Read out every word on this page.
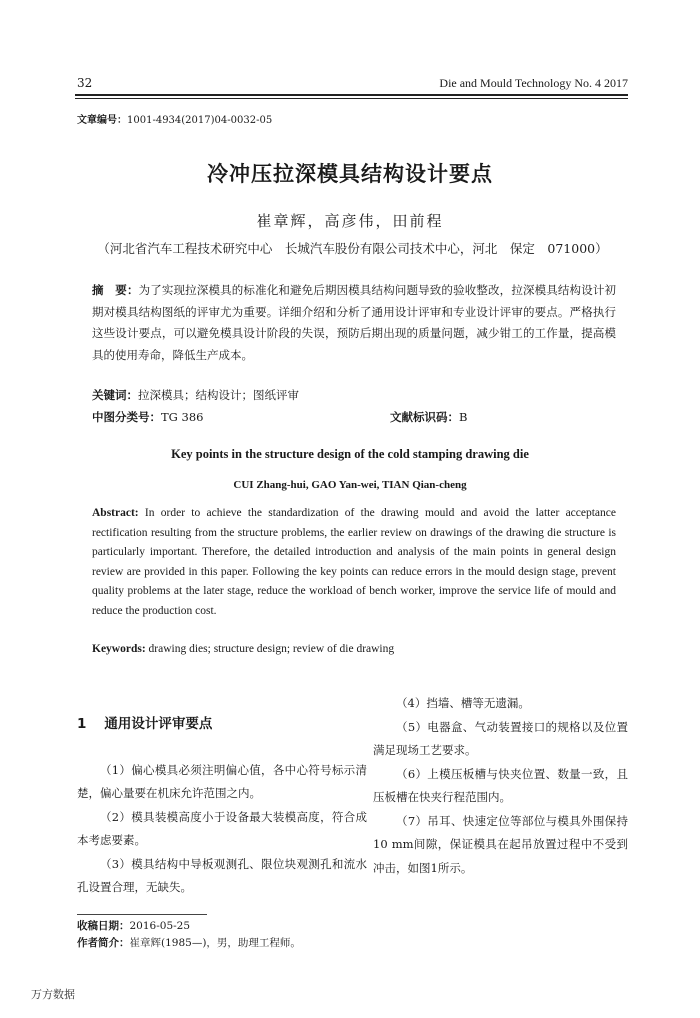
32	Die and Mould Technology No. 4 2017
文章编号：1001-4934(2017)04-0032-05
冷冲压拉深模具结构设计要点
崔章辉，高彦伟，田前程
（河北省汽车工程技术研究中心　长城汽车股份有限公司技术中心，河北　保定　071000）
摘　要：为了实现拉深模具的标准化和避免后期因模具结构问题导致的验收整改，拉深模具结构设计初期对模具结构图纸的评审尤为重要。详细介绍和分析了通用设计评审和专业设计评审的要点。严格执行这些设计要点，可以避免模具设计阶段的失误，预防后期出现的质量问题，减少钳工的工作量，提高模具的使用寿命，降低生产成本。
关键词：拉深模具；结构设计；图纸评审
中图分类号：TG 386	文献标识码：B
Key points in the structure design of the cold stamping drawing die
CUI Zhang-hui, GAO Yan-wei, TIAN Qian-cheng
Abstract: In order to achieve the standardization of the drawing mould and avoid the latter acceptance rectification resulting from the structure problems, the earlier review on drawings of the drawing die structure is particularly important. Therefore, the detailed introduction and analysis of the main points in general design review are provided in this paper. Following the key points can reduce errors in the mould design stage, prevent quality problems at the later stage, reduce the workload of bench worker, improve the service life of mould and reduce the production cost.
Keywords: drawing dies; structure design; review of die drawing
1 通用设计评审要点

（1）偏心模具必须注明偏心值，各中心符号标示清楚，偏心量要在机床允许范围之内。

（2）模具装模高度小于设备最大装模高度，符合成本考虑要素。

（3）模具结构中导板观测孔、限位块观测孔和流水孔设置合理，无缺失。

（4）挡墙、槽等无遗漏。

（5）电器盒、气动装置接口的规格以及位置满足现场工艺要求。

（6）上模压板槽与快夹位置、数量一致，且压板槽在快夹行程范围内。

（7）吊耳、快速定位等部位与模具外围保持10 mm间隙，保证模具在起吊放置过程中不受到冲击，如图1所示。

收稿日期：2016-05-25
作者简介：崔章辉(1985—)，男，助理工程师。
万方数据
